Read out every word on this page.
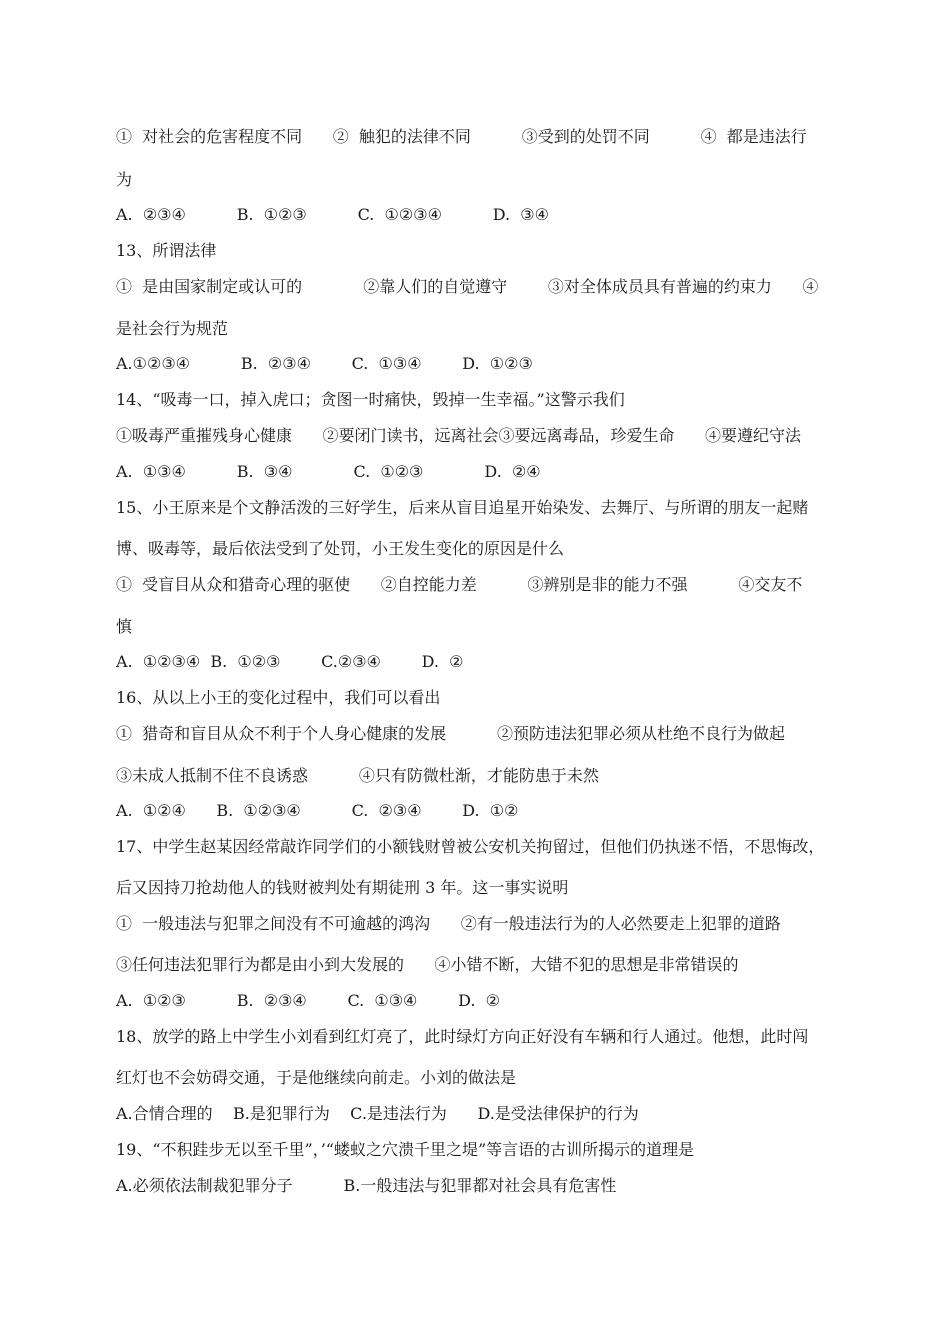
①  对社会的危害程度不同      ②  触犯的法律不同          ③受到的处罚不同          ④  都是违法行
为
A.  ②③④          B.  ①②③          C.  ①②③④          D.  ③④
13、所谓法律
①  是由国家制定或认可的            ②靠人们的自觉遵守        ③对全体成员具有普遍的约束力      ④
是社会行为规范
A.①②③④          B.  ②③④        C.  ①③④        D.  ①②③
14、“吸毒一口，掉入虎口；贪图一时痛快，毁掉一生幸福。”这警示我们
①吸毒严重摧残身心健康      ②要闭门读书，远离社会③要远离毒品，珍爱生命      ④要遵纪守法
A.  ①③④          B.  ③④            C.  ①②③            D.  ②④
15、小王原来是个文静活泼的三好学生，后来从盲目追星开始染发、去舞厅、与所谓的朋友一起赌
博、吸毒等，最后依法受到了处罚，小王发生变化的原因是什么
①  受盲目从众和猎奇心理的驱使      ②自控能力差          ③辨别是非的能力不强          ④交友不
慎
A.  ①②③④  B.  ①②③        C.②③④        D.  ②
16、从以上小王的变化过程中，我们可以看出
①  猎奇和盲目从众不利于个人身心健康的发展          ②预防违法犯罪必须从杜绝不良行为做起
③未成人抵制不住不良诱惑          ④只有防微杜渐，才能防患于未然
A.  ①②④      B.  ①②③④          C.  ②③④        D.  ①②
17、中学生赵某因经常敲诈同学们的小额钱财曾被公安机关拘留过，但他们仍执迷不悟，不思悔改，
后又因持刀抢劫他人的钱财被判处有期徒刑 3 年。这一事实说明
①  一般违法与犯罪之间没有不可逾越的鸿沟      ②有一般违法行为的人必然要走上犯罪的道路
③任何违法犯罪行为都是由小到大发展的      ④小错不断，大错不犯的思想是非常错误的
A.  ①②③          B.  ②③④        C.  ①③④        D.  ②
18、放学的路上中学生小刘看到红灯亮了，此时绿灯方向正好没有车辆和行人通过。他想，此时闯
红灯也不会妨碍交通，于是他继续向前走。小刘的做法是
A.合情合理的    B.是犯罪行为    C.是违法行为      D.是受法律保护的行为
19、“不积跬步无以至千里”，’“蝼蚁之穴溃千里之堤”等言语的古训所揭示的道理是
A.必须依法制裁犯罪分子          B.一般违法与犯罪都对社会具有危害性
